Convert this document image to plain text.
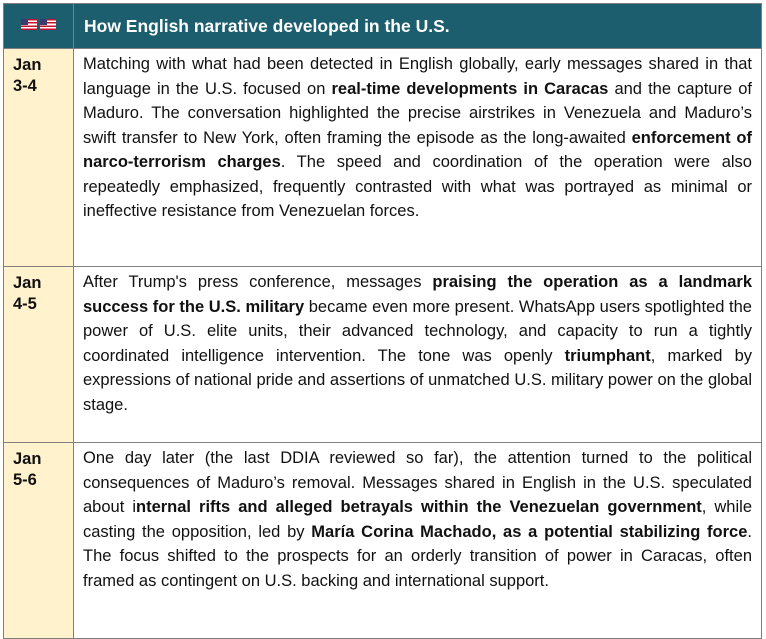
	How English narrative developed in the U.S.

Jan
3-4	Matching with what had been detected in English globally, early messages shared in that language in the U.S. focused on real-time developments in Caracas and the capture of Maduro. The conversation highlighted the precise airstrikes in Venezuela and Maduro’s swift transfer to New York, often framing the episode as the long-awaited enforcement of narco-terrorism charges. The speed and coordination of the operation were also repeatedly emphasized, frequently contrasted with what was portrayed as minimal or ineffective resistance from Venezuelan forces.

Jan
4-5	After Trump's press conference, messages praising the operation as a landmark success for the U.S. military became even more present. WhatsApp users spotlighted the power of U.S. elite units, their advanced technology, and capacity to run a tightly coordinated intelligence intervention. The tone was openly triumphant, marked by expressions of national pride and assertions of unmatched U.S. military power on the global stage.

Jan
5-6	One day later (the last DDIA reviewed so far), the attention turned to the political consequences of Maduro’s removal. Messages shared in English in the U.S. speculated about internal rifts and alleged betrayals within the Venezuelan government, while casting the opposition, led by María Corina Machado, as a potential stabilizing force. The focus shifted to the prospects for an orderly transition of power in Caracas, often framed as contingent on U.S. backing and international support.
